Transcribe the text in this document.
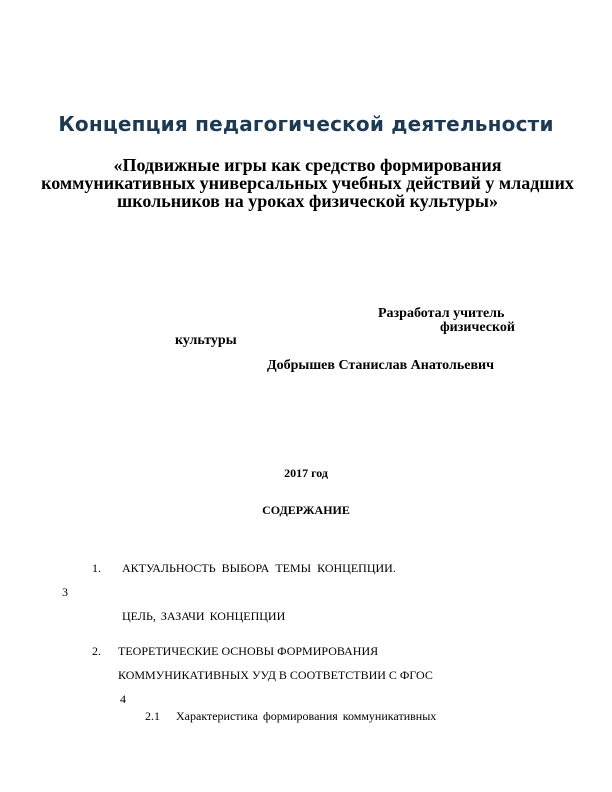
Концепция педагогической деятельности
«Подвижные игры как средство формирования коммуникативных универсальных учебных действий у младших школьников на уроках физической культуры»
Разработал учитель
физической
культуры
Добрышев Станислав Анатольевич
2017 год
СОДЕРЖАНИЕ
1. АКТУАЛЬНОСТЬ ВЫБОРА ТЕМЫ КОНЦЕПЦИИ.
3
ЦЕЛЬ, ЗАЗАЧИ КОНЦЕПЦИИ
2. ТЕОРЕТИЧЕСКИЕ ОСНОВЫ ФОРМИРОВАНИЯ
КОММУНИКАТИВНЫХ УУД В СООТВЕТСТВИИ С ФГОС
4
2.1 Характеристика формирования коммуникативных
